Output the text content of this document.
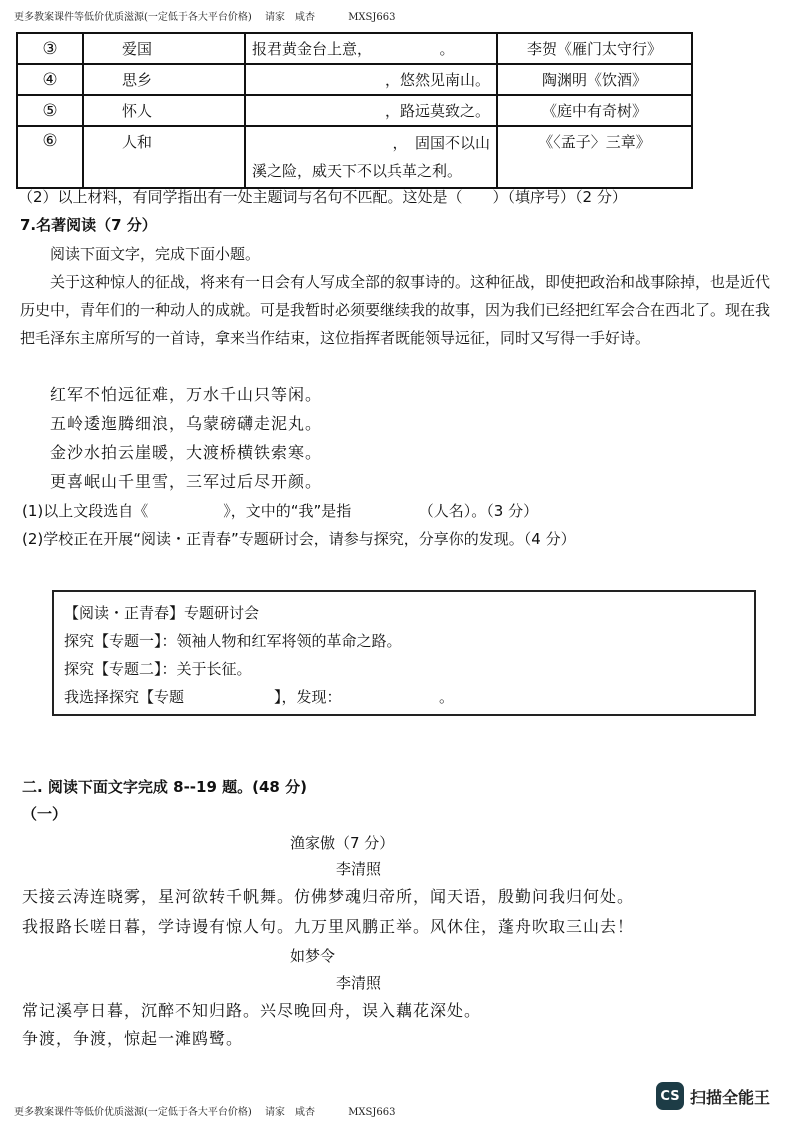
更多教案课件等低价优质滋源(一定低于各大平台价格) 请家　咸杏	MXSJ663
③	爱国	报君黄金台上意，　　　　　。	李贺《雁门太守行》
④	思乡	　　　　　　，悠然见南山。	陶渊明《饮酒》
⑤	怀人	　　　　　　，路远莫致之。	《庭中有奇树》
⑥	人和	　　　　　　，　固国不以山
溪之险，威天下不以兵革之利。	《〈孟子〉三章》
（2）以上材料，有同学指出有一处主题词与名句不匹配。这处是（　　）（填序号）（2 分）
7.名著阅读（7 分）

阅读下面文字，完成下面小题。

关于这种惊人的征战，将来有一日会有人写成全部的叙事诗的。这种征战，即使把政治和战事除掉，也是近代历史中，青年们的一种动人的成就。可是我暂时必须要继续我的故事，因为我们已经把红军会合在西北了。现在我把毛泽东主席所写的一首诗，拿来当作结束，这位指挥者既能领导远征，同时又写得一手好诗。

红军不怕远征难，万水千山只等闲。
五岭逶迤腾细浪，乌蒙磅礴走泥丸。
金沙水拍云崖暖，大渡桥横铁索寒。
更喜岷山千里雪，三军过后尽开颜。
(1)以上文段选自《　　　　　》，文中的“我”是指　　　　　（人名）。（3 分）
(2)学校正在开展“阅读・正青春”专题研讨会，请参与探究，分享你的发现。（4 分）
【阅读・正青春】专题研讨会
探究【专题一】：领袖人物和红军将领的革命之路。
探究【专题二】：关于长征。
我选择探究【专题　　　　　　】，发现：　　　　　　　。
二. 阅读下面文字完成 8--19 题。(48 分)
（一）
渔家傲（7 分）
李清照
天接云涛连晓雾，星河欲转千帆舞。仿佛梦魂归帝所，闻天语，殷勤问我归何处。
我报路长嗟日暮，学诗谩有惊人句。九万里风鹏正举。风休住，蓬舟吹取三山去！
如梦令
李清照
常记溪亭日暮，沉醉不知归路。兴尽晚回舟，误入藕花深处。
争渡，争渡，惊起一滩鸥鹭。
更多教案课件等低价优质滋源(一定低于各大平台价格) 请家　咸杏	MXSJ663
CS 扫描全能王
